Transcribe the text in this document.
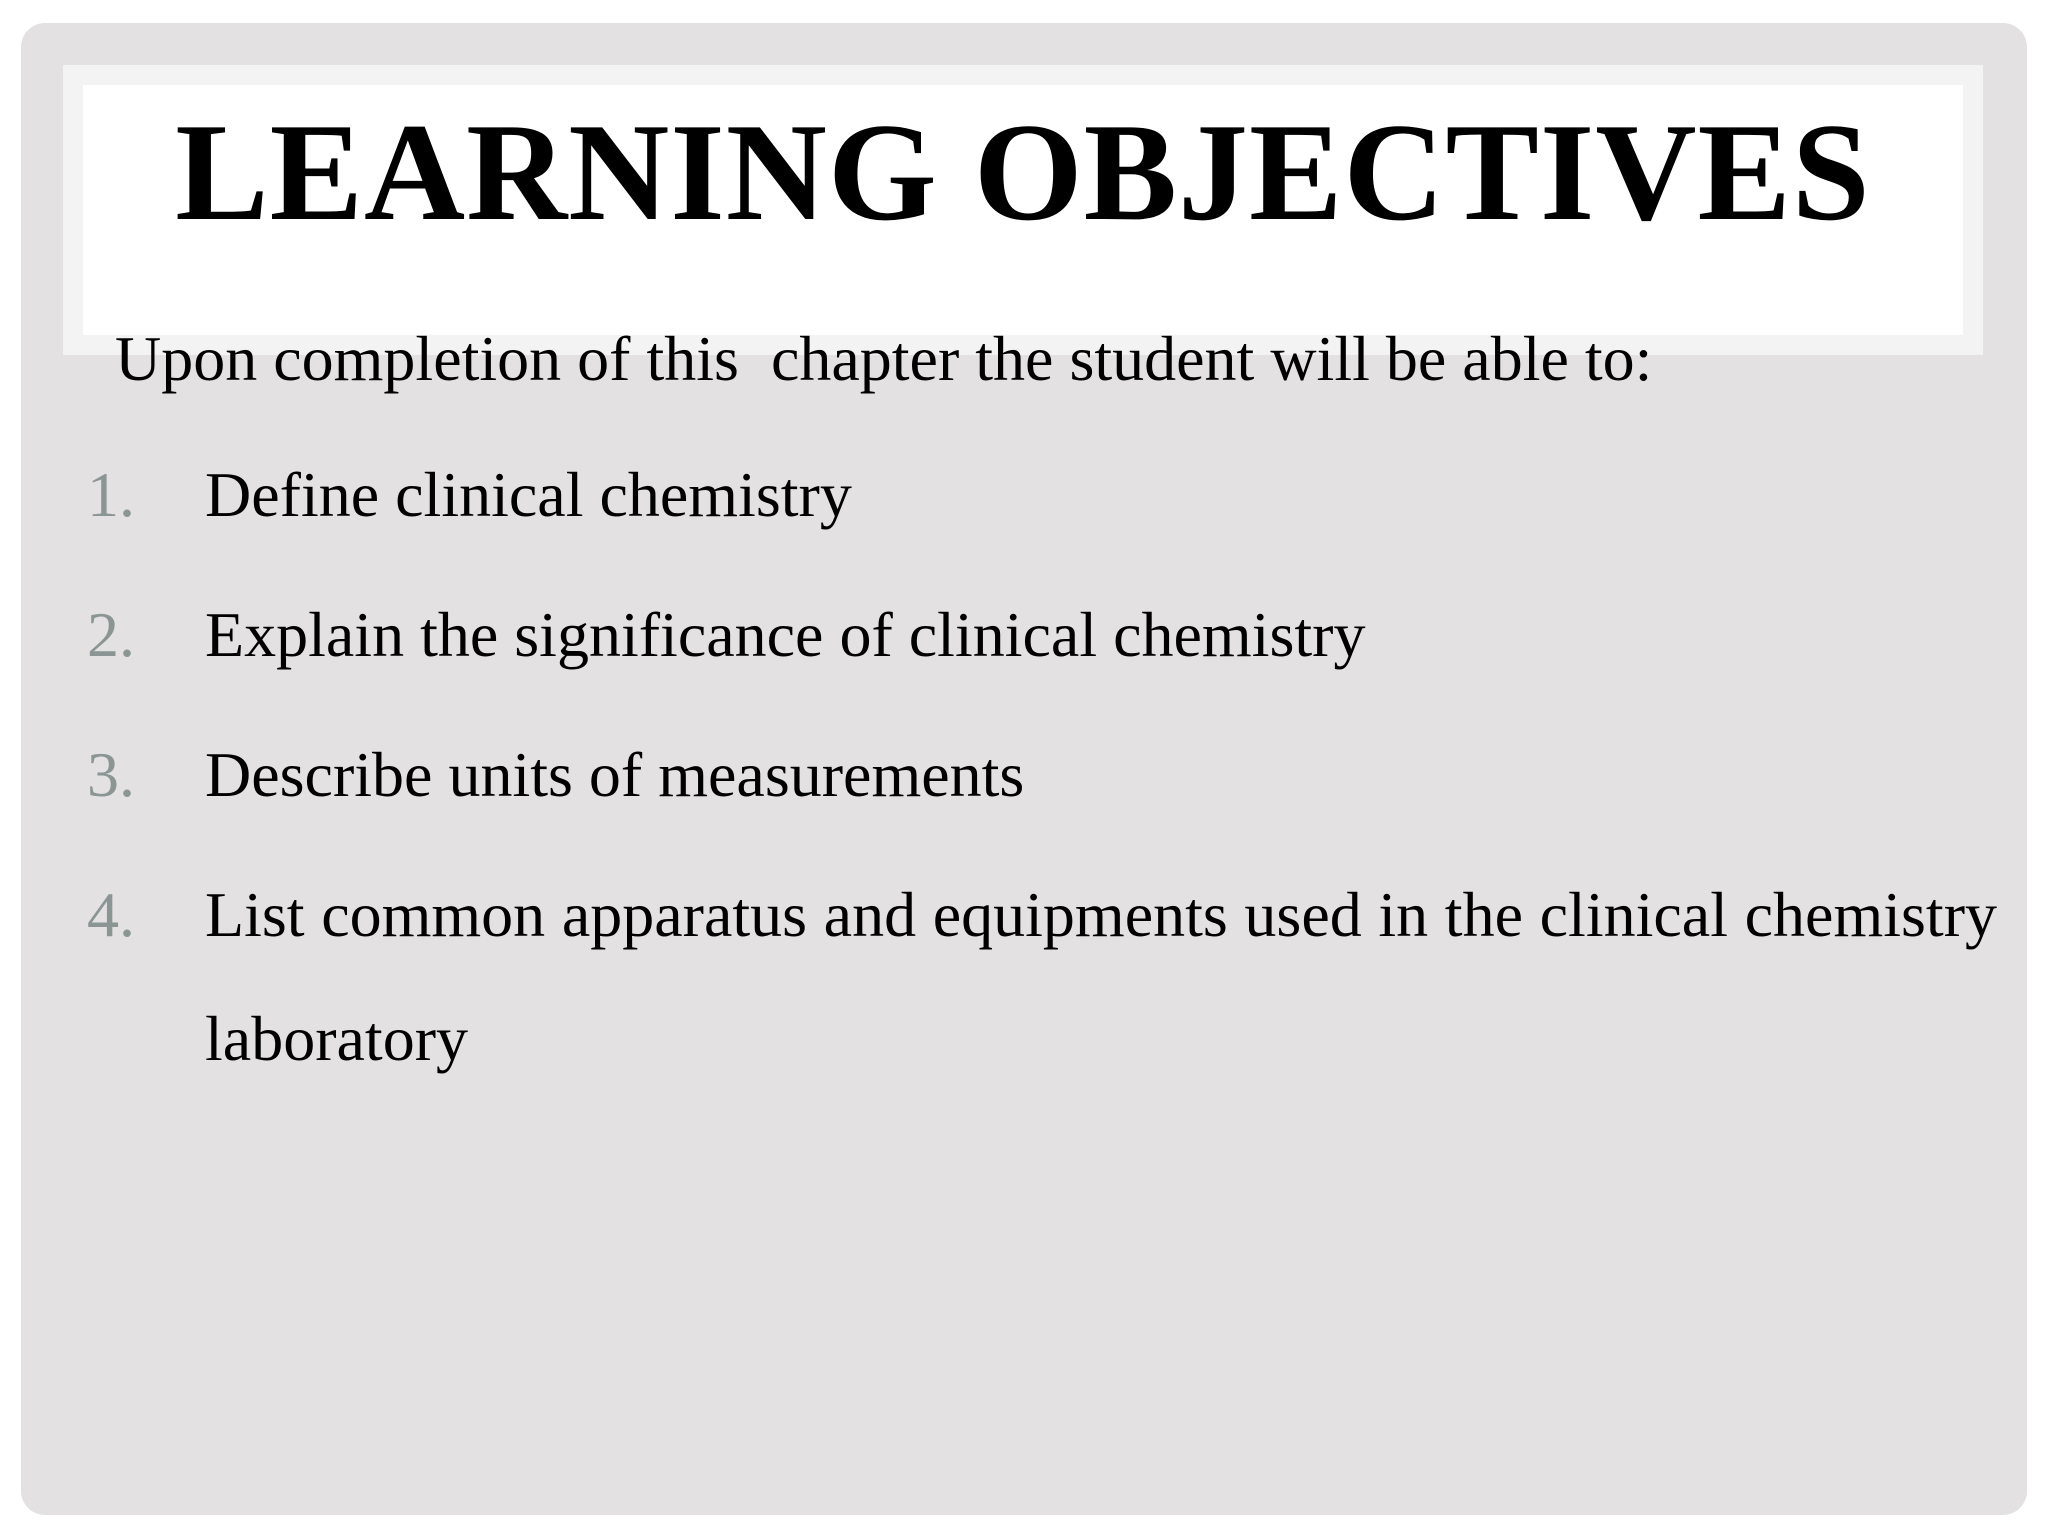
LEARNING OBJECTIVES

Upon completion of this  chapter the student will be able to:

1. Define clinical chemistry
2. Explain the significance of clinical chemistry
3. Describe units of measurements
4. List common apparatus and equipments used in the clinical chemistry laboratory
